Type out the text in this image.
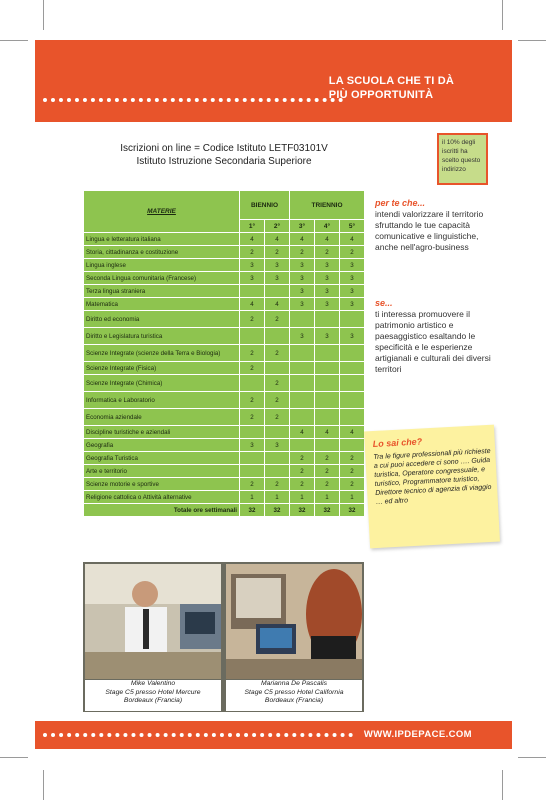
LA SCUOLA CHE TI DÀ
PIÙ OPPORTUNITÀ
Iscrizioni on line = Codice Istituto LETF03101V
Istituto Istruzione Secondaria Superiore
il 10% degli iscritti ha scelto questo indirizzo
MATERIE	BIENNIO		TRIENNIO		
	1°	2°	3°	4°	5°
Lingua e letteratura italiana	4	4	4	4	4
Storia, cittadinanza e costituzione	2	2	2	2	2
Lingua inglese	3	3	3	3	3
Seconda Lingua comunitaria (Francese)	3	3	3	3	3
Terza lingua straniera			3	3	3
Matematica	4	4	3	3	3
Diritto ed economia	2	2			
Diritto e Legislatura turistica			3	3	3
Scienze Integrate (scienze della Terra e Biologia)	2	2			
Scienze Integrate (Fisica)	2				
Scienze Integrate (Chimica)		2			
Informatica e Laboratorio	2	2			
Economia aziendale	2	2			
Discipline turistiche e aziendali			4	4	4
Geografia	3	3			
Geografia Turistica			2	2	2
Arte e territorio			2	2	2
Scienze motorie e sportive	2	2	2	2	2
Religione cattolica o Attività alternative	1	1	1	1	1
Totale ore settimanali	32	32	32	32	32
per te che...
intendi valorizzare il territorio sfruttando le tue capacità comunicative e linguistiche, anche nell'agro-business
se...
ti interessa promuovere il patrimonio artistico e paesaggistico esaltando le specificità e le esperienze artigianali e culturali dei diversi territori
Lo sai che?
Tra le figure professionali più richieste a cui puoi accedere ci sono …. Guida turistica, Operatore congressuale, e turistico, Programmatore turistico, Direttore tecnico di agenzia di viaggio … ed altro
Mike Valentino
Stage C5 presso Hotel Mercure
Bordeaux (Francia)
Marianna De Pascalis
Stage C5 presso Hotel California
Bordeaux (Francia)
WWW.IPDEPACE.COM
